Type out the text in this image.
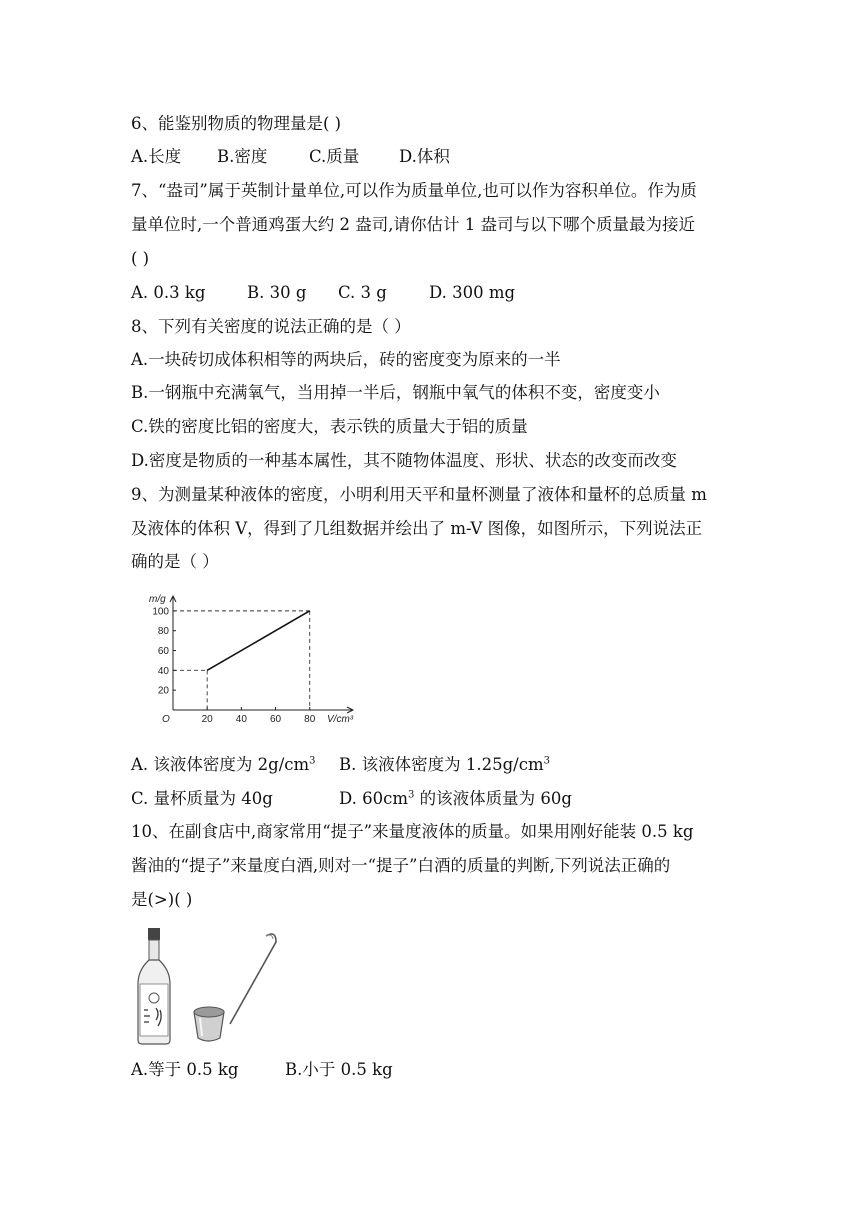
6、能鉴别物质的物理量是( )
A.长度 B.密度	C.质量 D.体积
7、“盎司”属于英制计量单位,可以作为质量单位,也可以作为容积单位。作为质
量单位时,一个普通鸡蛋大约 2 盎司,请你估计 1 盎司与以下哪个质量最为接近
( )
A. 0.3 kg	B. 30 g C. 3 g	D. 300 mg
8、下列有关密度的说法正确的是（ ）
A.一块砖切成体积相等的两块后，砖的密度变为原来的一半
B.一钢瓶中充满氧气，当用掉一半后，钢瓶中氧气的体积不变，密度变小
C.铁的密度比铝的密度大，表示铁的质量大于铝的质量
D.密度是物质的一种基本属性，其不随物体温度、形状、状态的改变而改变
9、为测量某种液体的密度，小明利用天平和量杯测量了液体和量杯的总质量 m
及液体的体积 V，得到了几组数据并绘出了 m-V 图像，如图所示，下列说法正
确的是（ ）
20 40 60 80
20
40
60
80
100
O
m/g
V/cm³
A. 该液体密度为 $2g/cm^3$ B. 该液体密度为 $1.25g/cm^3$
C. 量杯质量为 40g	D. $60cm^3$ 的该液体质量为 60g
10、在副食店中,商家常用“提子”来量度液体的质量。如果用刚好能装 0.5 kg
酱油的“提子”来量度白酒,则对一“提子”白酒的质量的判断,下列说法正确的
是(>)( )
A.等于 0.5 kg	B.小于 0.5 kg
